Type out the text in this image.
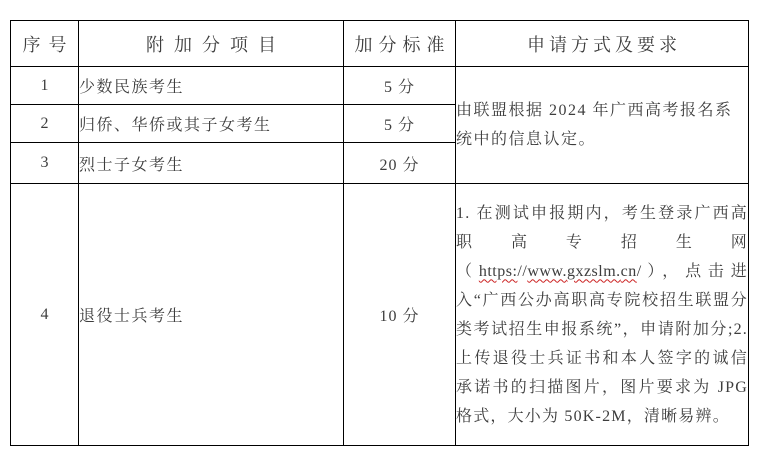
序号	附加分项目	加分标准	申请方式及要求
1	少数民族考生	5 分	由联盟根据 2024 年广西高考报名系统中的信息认定。
2	归侨、华侨或其子女考生	5 分	
3	烈士子女考生	20 分	
4	退役士兵考生	10 分	1. 在测试申报期内，考生登录广西高职高专招生网（https://www.gxzslm.cn/），点击进入“广西公办高职高专院校招生联盟分类考试招生申报系统”，申请附加分;2.上传退役士兵证书和本人签字的诚信承诺书的扫描图片，图片要求为 JPG 格式，大小为 50K-2M，清晰易辨。
